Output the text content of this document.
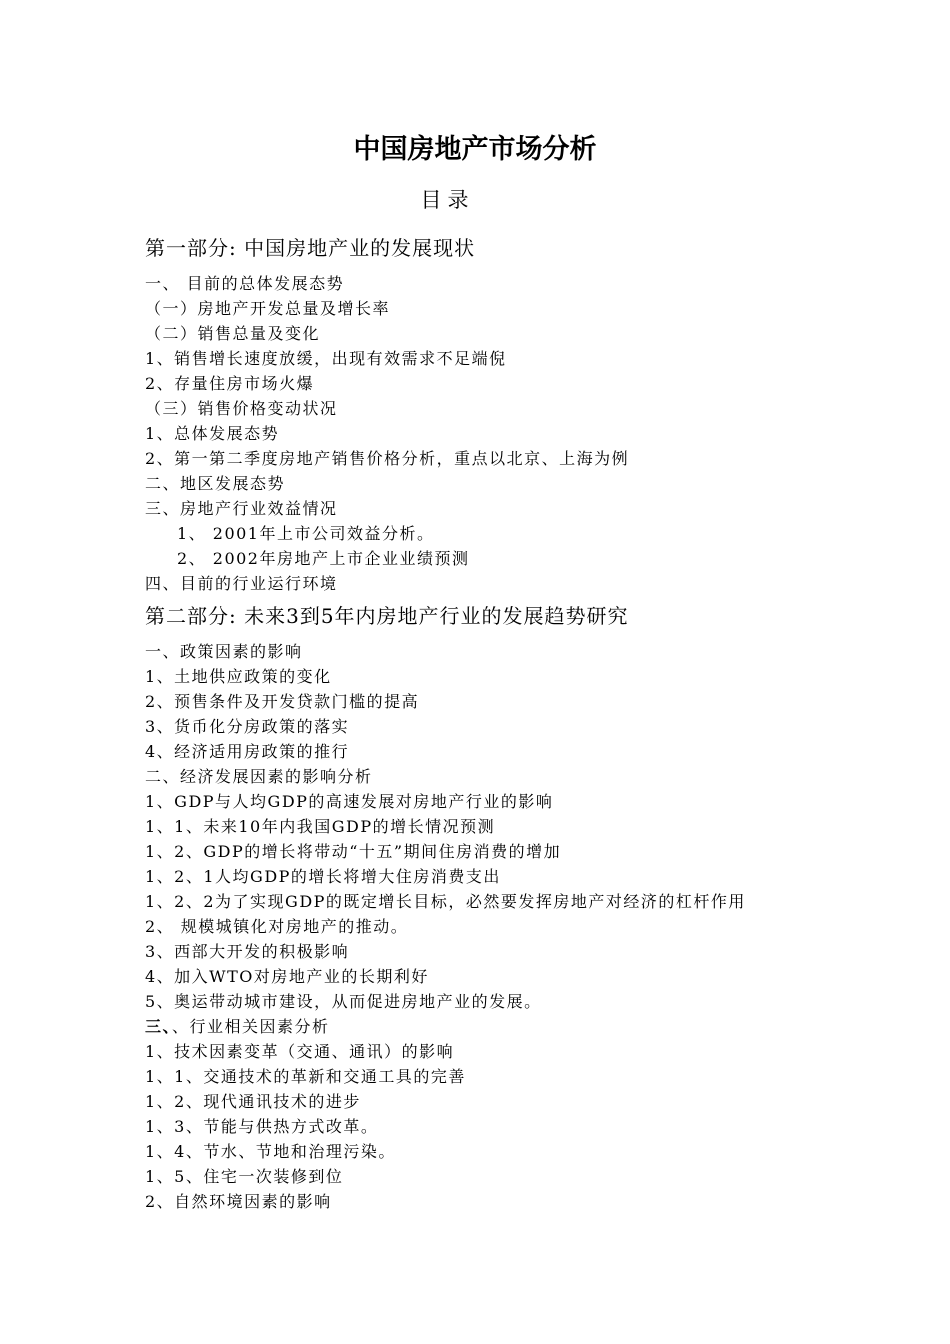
中国房地产市场分析
目录
第一部分: 中国房地产业的发展现状
一、 目前的总体发展态势
（一）房地产开发总量及增长率
（二）销售总量及变化
1、销售增长速度放缓，出现有效需求不足端倪
2、存量住房市场火爆
（三）销售价格变动状况
1、总体发展态势
2、第一第二季度房地产销售价格分析，重点以北京、上海为例
二、地区发展态势
三、房地产行业效益情况
1、 2001年上市公司效益分析。
2、 2002年房地产上市企业业绩预测
四、目前的行业运行环境
第二部分: 未来3到5年内房地产行业的发展趋势研究
一、政策因素的影响
1、土地供应政策的变化
2、预售条件及开发贷款门槛的提高
3、货币化分房政策的落实
4、经济适用房政策的推行
二、经济发展因素的影响分析
1、GDP与人均GDP的高速发展对房地产行业的影响
1、1、未来10年内我国GDP的增长情况预测
1、2、GDP的增长将带动“十五”期间住房消费的增加
1、2、1人均GDP的增长将增大住房消费支出
1、2、2为了实现GDP的既定增长目标，必然要发挥房地产对经济的杠杆作用
2、 规模城镇化对房地产的推动。
3、西部大开发的积极影响
4、加入WTO对房地产业的长期利好
5、奥运带动城市建设，从而促进房地产业的发展。
三、、行业相关因素分析
1、技术因素变革（交通、通讯）的影响
1、1、交通技术的革新和交通工具的完善
1、2、现代通讯技术的进步
1、3、节能与供热方式改革。
1、4、节水、节地和治理污染。
1、5、住宅一次装修到位
2、自然环境因素的影响
